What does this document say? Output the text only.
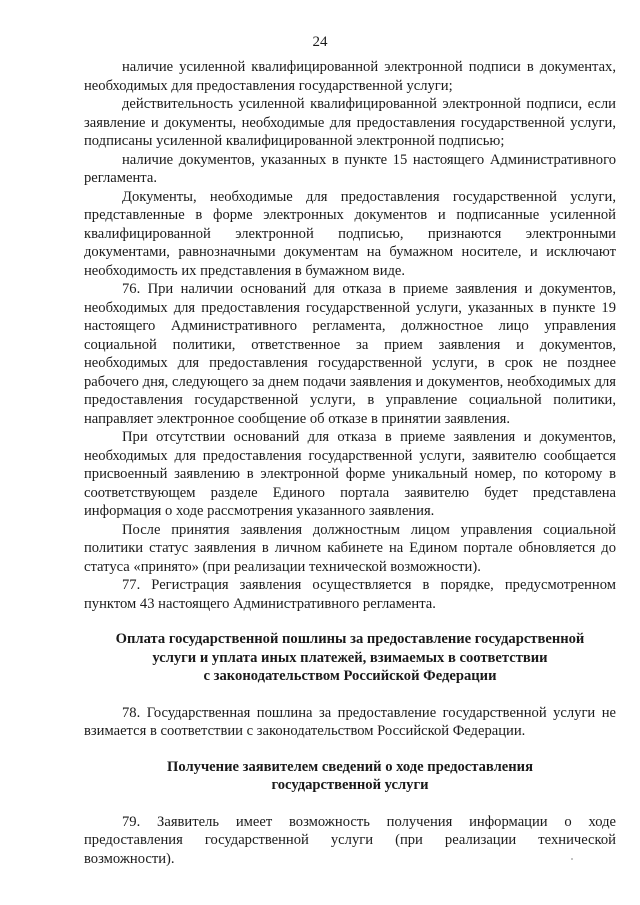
24

наличие усиленной квалифицированной электронной подписи в документах, необходимых для предоставления государственной услуги;

действительность усиленной квалифицированной электронной подписи, если заявление и документы, необходимые для предоставления государственной услуги, подписаны усиленной квалифицированной электронной подписью;

наличие документов, указанных в пункте 15 настоящего Административного регламента.

Документы, необходимые для предоставления государственной услуги, представленные в форме электронных документов и подписанные усиленной квалифицированной электронной подписью, признаются электронными документами, равнозначными документам на бумажном носителе, и исключают необходимость их представления в бумажном виде.

76. При наличии оснований для отказа в приеме заявления и документов, необходимых для предоставления государственной услуги, указанных в пункте 19 настоящего Административного регламента, должностное лицо управления социальной политики, ответственное за прием заявления и документов, необходимых для предоставления государственной услуги, в срок не позднее рабочего дня, следующего за днем подачи заявления и документов, необходимых для предоставления государственной услуги, в управление социальной политики, направляет электронное сообщение об отказе в принятии заявления.

При отсутствии оснований для отказа в приеме заявления и документов, необходимых для предоставления государственной услуги, заявителю сообщается присвоенный заявлению в электронной форме уникальный номер, по которому в соответствующем разделе Единого портала заявителю будет представлена информация о ходе рассмотрения указанного заявления.

После принятия заявления должностным лицом управления социальной политики статус заявления в личном кабинете на Едином портале обновляется до статуса «принято» (при реализации технической возможности).

77. Регистрация заявления осуществляется в порядке, предусмотренном пунктом 43 настоящего Административного регламента.

Оплата государственной пошлины за предоставление государственной
услуги и уплата иных платежей, взимаемых в соответствии
с законодательством Российской Федерации

78. Государственная пошлина за предоставление государственной услуги не взимается в соответствии с законодательством Российской Федерации.

Получение заявителем сведений о ходе предоставления
государственной услуги

79. Заявитель имеет возможность получения информации о ходе предоставления государственной услуги (при реализации технической возможности).
